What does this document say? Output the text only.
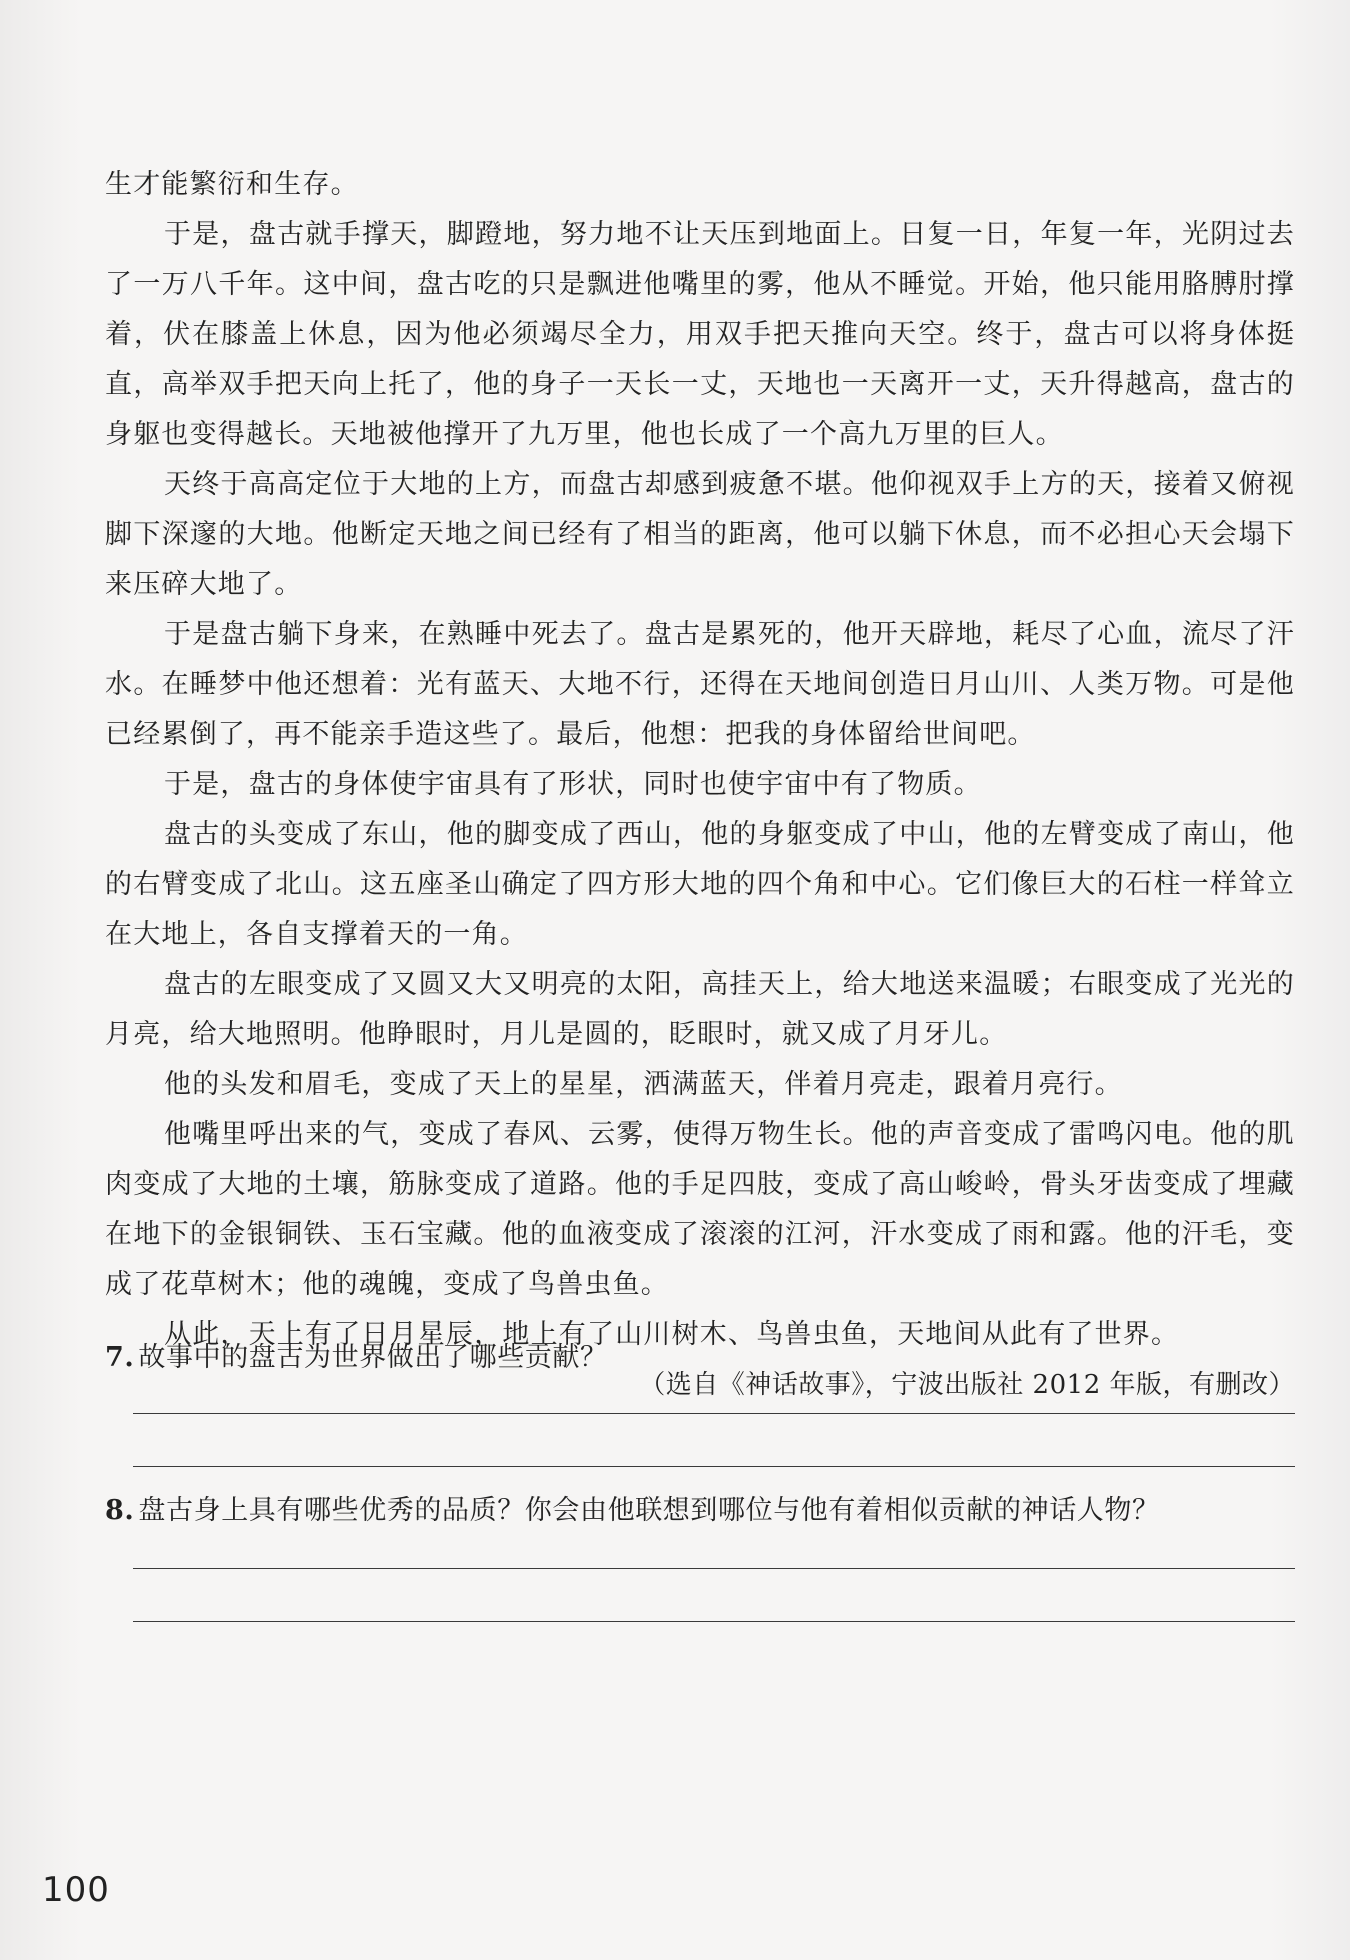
生才能繁衍和生存。

于是，盘古就手撑天，脚蹬地，努力地不让天压到地面上。日复一日，年复一年，光阴过去了一万八千年。这中间，盘古吃的只是飘进他嘴里的雾，他从不睡觉。开始，他只能用胳膊肘撑着，伏在膝盖上休息，因为他必须竭尽全力，用双手把天推向天空。终于，盘古可以将身体挺直，高举双手把天向上托了，他的身子一天长一丈，天地也一天离开一丈，天升得越高，盘古的身躯也变得越长。天地被他撑开了九万里，他也长成了一个高九万里的巨人。

天终于高高定位于大地的上方，而盘古却感到疲惫不堪。他仰视双手上方的天，接着又俯视脚下深邃的大地。他断定天地之间已经有了相当的距离，他可以躺下休息，而不必担心天会塌下来压碎大地了。

于是盘古躺下身来，在熟睡中死去了。盘古是累死的，他开天辟地，耗尽了心血，流尽了汗水。在睡梦中他还想着：光有蓝天、大地不行，还得在天地间创造日月山川、人类万物。可是他已经累倒了，再不能亲手造这些了。最后，他想：把我的身体留给世间吧。

于是，盘古的身体使宇宙具有了形状，同时也使宇宙中有了物质。

盘古的头变成了东山，他的脚变成了西山，他的身躯变成了中山，他的左臂变成了南山，他的右臂变成了北山。这五座圣山确定了四方形大地的四个角和中心。它们像巨大的石柱一样耸立在大地上，各自支撑着天的一角。

盘古的左眼变成了又圆又大又明亮的太阳，高挂天上，给大地送来温暖；右眼变成了光光的月亮，给大地照明。他睁眼时，月儿是圆的，眨眼时，就又成了月牙儿。

他的头发和眉毛，变成了天上的星星，洒满蓝天，伴着月亮走，跟着月亮行。

他嘴里呼出来的气，变成了春风、云雾，使得万物生长。他的声音变成了雷鸣闪电。他的肌肉变成了大地的土壤，筋脉变成了道路。他的手足四肢，变成了高山峻岭，骨头牙齿变成了埋藏在地下的金银铜铁、玉石宝藏。他的血液变成了滚滚的江河，汗水变成了雨和露。他的汗毛，变成了花草树木；他的魂魄，变成了鸟兽虫鱼。

从此，天上有了日月星辰，地上有了山川树木、鸟兽虫鱼，天地间从此有了世界。

（选自《神话故事》，宁波出版社 2012 年版，有删改）

7. 故事中的盘古为世界做出了哪些贡献？
8. 盘古身上具有哪些优秀的品质？你会由他联想到哪位与他有着相似贡献的神话人物？
100
